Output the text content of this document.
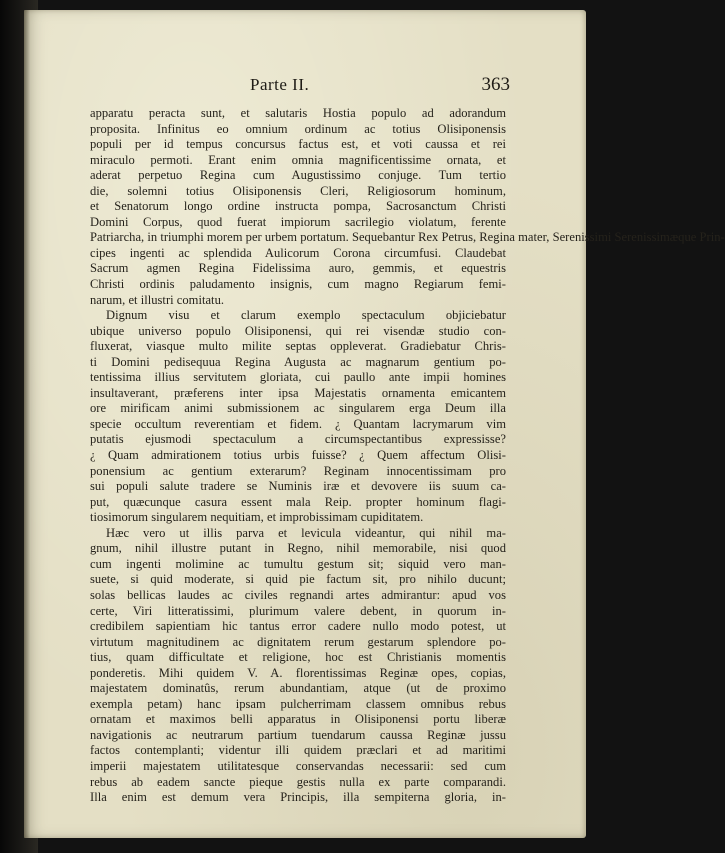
Parte II.	363
apparatu peracta sunt, et salutaris Hostia populo ad adorandum
proposita. Infinitus eo omnium ordinum ac totius Olisiponensis
populi per id tempus concursus factus est, et voti caussa et rei
miraculo permoti. Erant enim omnia magnificentissime ornata, et
aderat perpetuo Regina cum Augustissimo conjuge. Tum tertio
die, solemni totius Olisiponensis Cleri, Religiosorum hominum,
et Senatorum longo ordine instructa pompa, Sacrosanctum Christi
Domini Corpus, quod fuerat impiorum sacrilegio violatum, ferente
Patriarcha, in triumphi morem per urbem portatum. Sequebantur Rex Petrus, Regina mater, Serenissimi Serenissimæque Prin-
cipes ingenti ac splendida Aulicorum Corona circumfusi. Claudebat
Sacrum agmen Regina Fidelissima auro, gemmis, et equestris
Christi ordinis paludamento insignis, cum magno Regiarum femi-
narum, et illustri comitatu.
Dignum visu et clarum exemplo spectaculum objiciebatur
ubique universo populo Olisiponensi, qui rei visendæ studio con-
fluxerat, viasque multo milite septas oppleverat. Gradiebatur Chris-
ti Domini pedisequua Regina Augusta ac magnarum gentium po-
tentissima illius servitutem gloriata, cui paullo ante impii homines
insultaverant, præferens inter ipsa Majestatis ornamenta emicantem
ore mirificam animi submissionem ac singularem erga Deum illa
specie occultum reverentiam et fidem. ¿ Quantam lacrymarum vim
putatis ejusmodi spectaculum a circumspectantibus expressisse?
¿ Quam admirationem totius urbis fuisse? ¿ Quem affectum Olisi-
ponensium ac gentium exterarum? Reginam innocentissimam pro
sui populi salute tradere se Numinis iræ et devovere iis suum ca-
put, quæcunque casura essent mala Reip. propter hominum flagi-
tiosimorum singularem nequitiam, et improbissimam cupiditatem.
Hæc vero ut illis parva et levicula videantur, qui nihil ma-
gnum, nihil illustre putant in Regno, nihil memorabile, nisi quod
cum ingenti molimine ac tumultu gestum sit; siquid vero man-
suete, si quid moderate, si quid pie factum sit, pro nihilo ducunt;
solas bellicas laudes ac civiles regnandi artes admirantur: apud vos
certe, Viri litteratissimi, plurimum valere debent, in quorum in-
credibilem sapientiam hic tantus error cadere nullo modo potest, ut
virtutum magnitudinem ac dignitatem rerum gestarum splendore po-
tius, quam difficultate et religione, hoc est Christianis momentis
ponderetis. Mihi quidem V. A. florentissimas Reginæ opes, copias,
majestatem dominatûs, rerum abundantiam, atque (ut de proximo
exempla petam) hanc ipsam pulcherrimam classem omnibus rebus
ornatam et maximos belli apparatus in Olisiponensi portu liberæ
navigationis ac neutrarum partium tuendarum caussa Reginæ jussu
factos contemplanti; videntur illi quidem præclari et ad maritimi
imperii majestatem utilitatesque conservandas necessarii: sed cum
rebus ab eadem sancte pieque gestis nulla ex parte comparandi.
Illa enim est demum vera Principis, illa sempiterna gloria, in-
